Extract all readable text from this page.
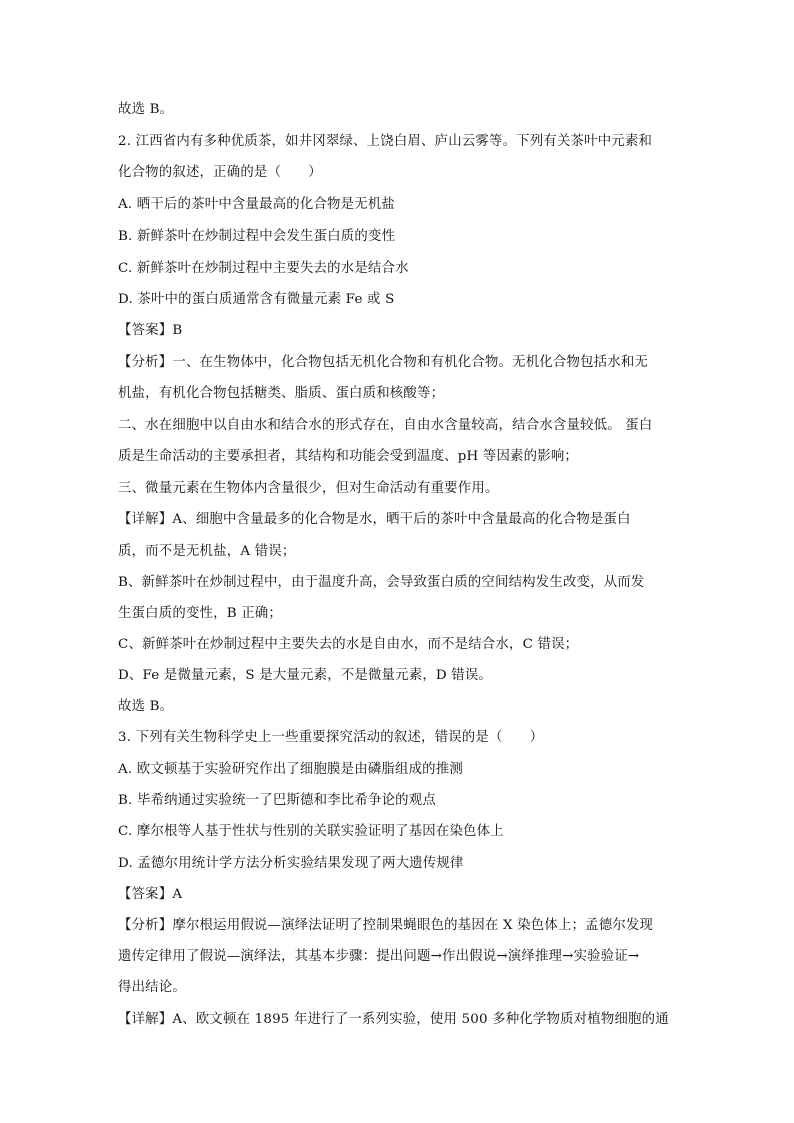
故选 B。
2. 江西省内有多种优质茶，如井冈翠绿、上饶白眉、庐山云雾等。下列有关茶叶中元素和
化合物的叙述，正确的是（　　）
A. 晒干后的茶叶中含量最高的化合物是无机盐
B. 新鲜茶叶在炒制过程中会发生蛋白质的变性
C. 新鲜茶叶在炒制过程中主要失去的水是结合水
D. 茶叶中的蛋白质通常含有微量元素 Fe 或 S
【答案】B
【分析】一、在生物体中，化合物包括无机化合物和有机化合物。无机化合物包括水和无
机盐，有机化合物包括糖类、脂质、蛋白质和核酸等；
二、水在细胞中以自由水和结合水的形式存在，自由水含量较高，结合水含量较低。 蛋白
质是生命活动的主要承担者，其结构和功能会受到温度、pH 等因素的影响；
三、微量元素在生物体内含量很少，但对生命活动有重要作用。
【详解】A、细胞中含量最多的化合物是水，晒干后的茶叶中含量最高的化合物是蛋白
质，而不是无机盐，A 错误；
B、新鲜茶叶在炒制过程中，由于温度升高，会导致蛋白质的空间结构发生改变，从而发
生蛋白质的变性，B 正确；
C、新鲜茶叶在炒制过程中主要失去的水是自由水，而不是结合水，C 错误；
D、Fe 是微量元素，S 是大量元素，不是微量元素，D 错误。
故选 B。
3. 下列有关生物科学史上一些重要探究活动的叙述，错误的是（　　）
A. 欧文顿基于实验研究作出了细胞膜是由磷脂组成的推测
B. 毕希纳通过实验统一了巴斯德和李比希争论的观点
C. 摩尔根等人基于性状与性别的关联实验证明了基因在染色体上
D. 孟德尔用统计学方法分析实验结果发现了两大遗传规律
【答案】A
【分析】摩尔根运用假说—演绎法证明了控制果蝇眼色的基因在 X 染色体上；孟德尔发现
遗传定律用了假说—演绎法，其基本步骤：提出问题→作出假说→演绎推理→实验验证→
得出结论。
【详解】A、欧文顿在 1895 年进行了一系列实验，使用 500 多种化学物质对植物细胞的通
